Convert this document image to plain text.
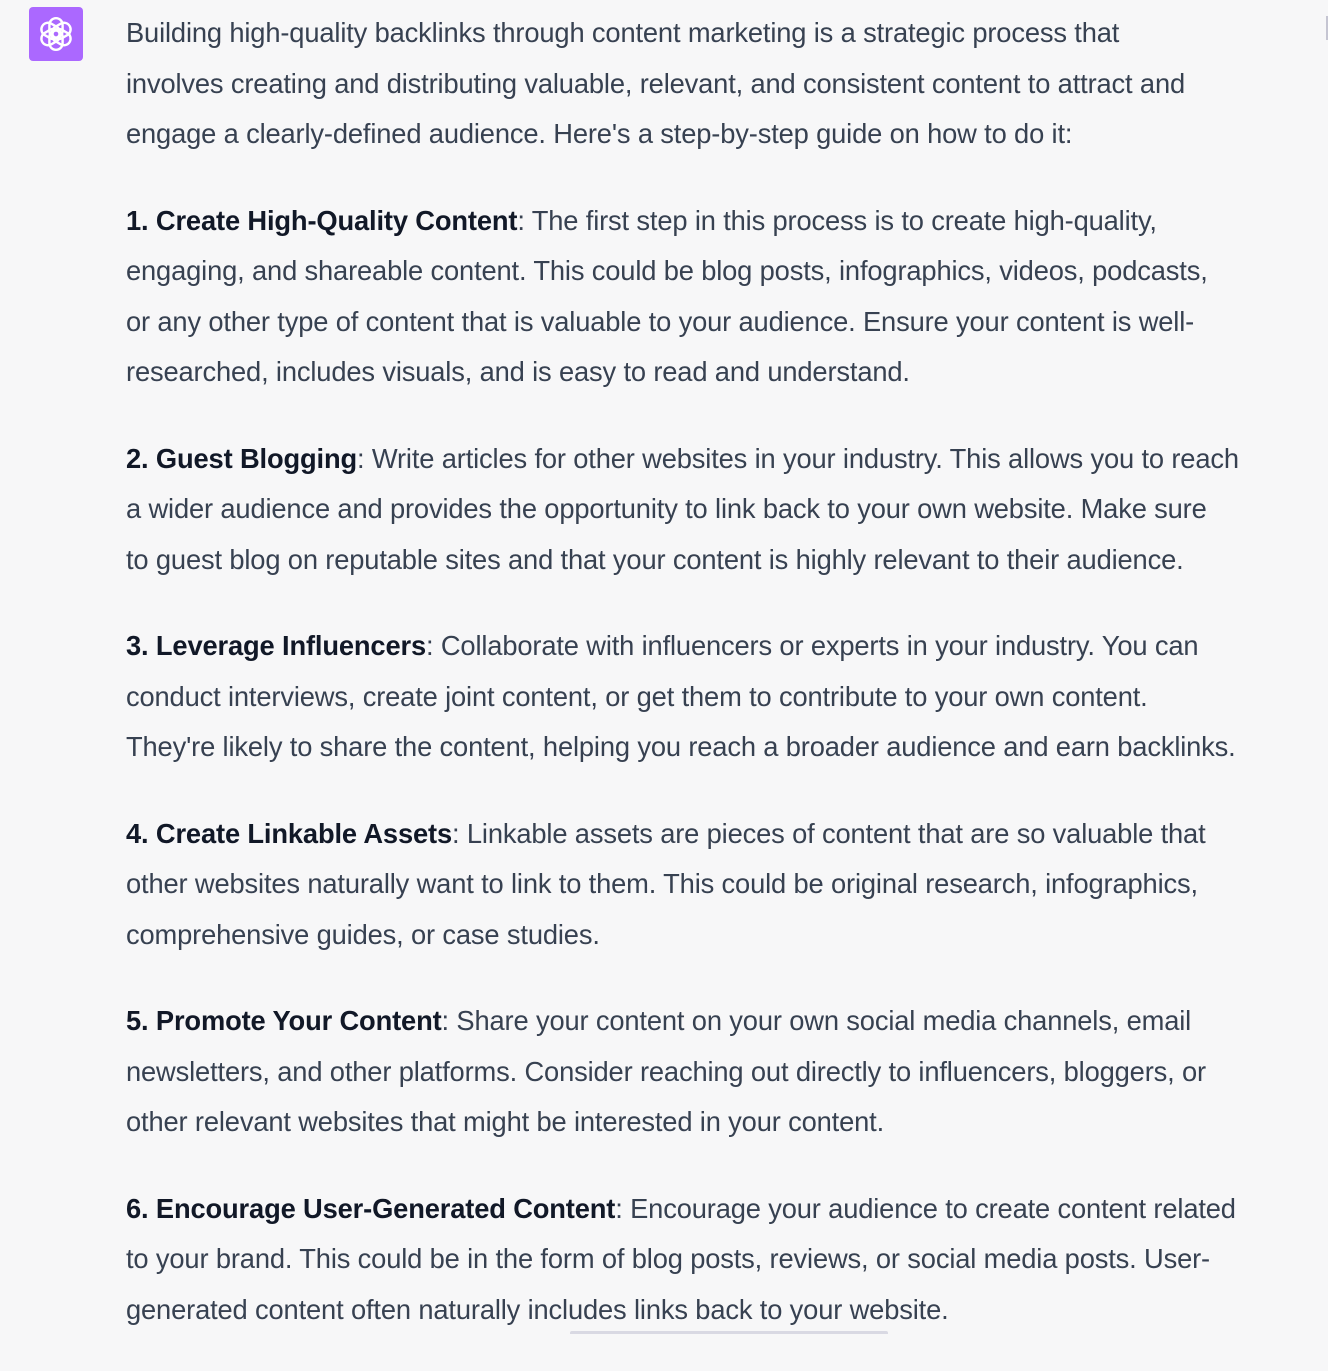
Building high-quality backlinks through content marketing is a strategic process that
involves creating and distributing valuable, relevant, and consistent content to attract and
engage a clearly-defined audience. Here's a step-by-step guide on how to do it:

1. Create High-Quality Content: The first step in this process is to create high-quality,
engaging, and shareable content. This could be blog posts, infographics, videos, podcasts,
or any other type of content that is valuable to your audience. Ensure your content is well-
researched, includes visuals, and is easy to read and understand.

2. Guest Blogging: Write articles for other websites in your industry. This allows you to reach
a wider audience and provides the opportunity to link back to your own website. Make sure
to guest blog on reputable sites and that your content is highly relevant to their audience.

3. Leverage Influencers: Collaborate with influencers or experts in your industry. You can
conduct interviews, create joint content, or get them to contribute to your own content.
They're likely to share the content, helping you reach a broader audience and earn backlinks.

4. Create Linkable Assets: Linkable assets are pieces of content that are so valuable that
other websites naturally want to link to them. This could be original research, infographics,
comprehensive guides, or case studies.

5. Promote Your Content: Share your content on your own social media channels, email
newsletters, and other platforms. Consider reaching out directly to influencers, bloggers, or
other relevant websites that might be interested in your content.

6. Encourage User-Generated Content: Encourage your audience to create content related
to your brand. This could be in the form of blog posts, reviews, or social media posts. User-
generated content often naturally includes links back to your website.
